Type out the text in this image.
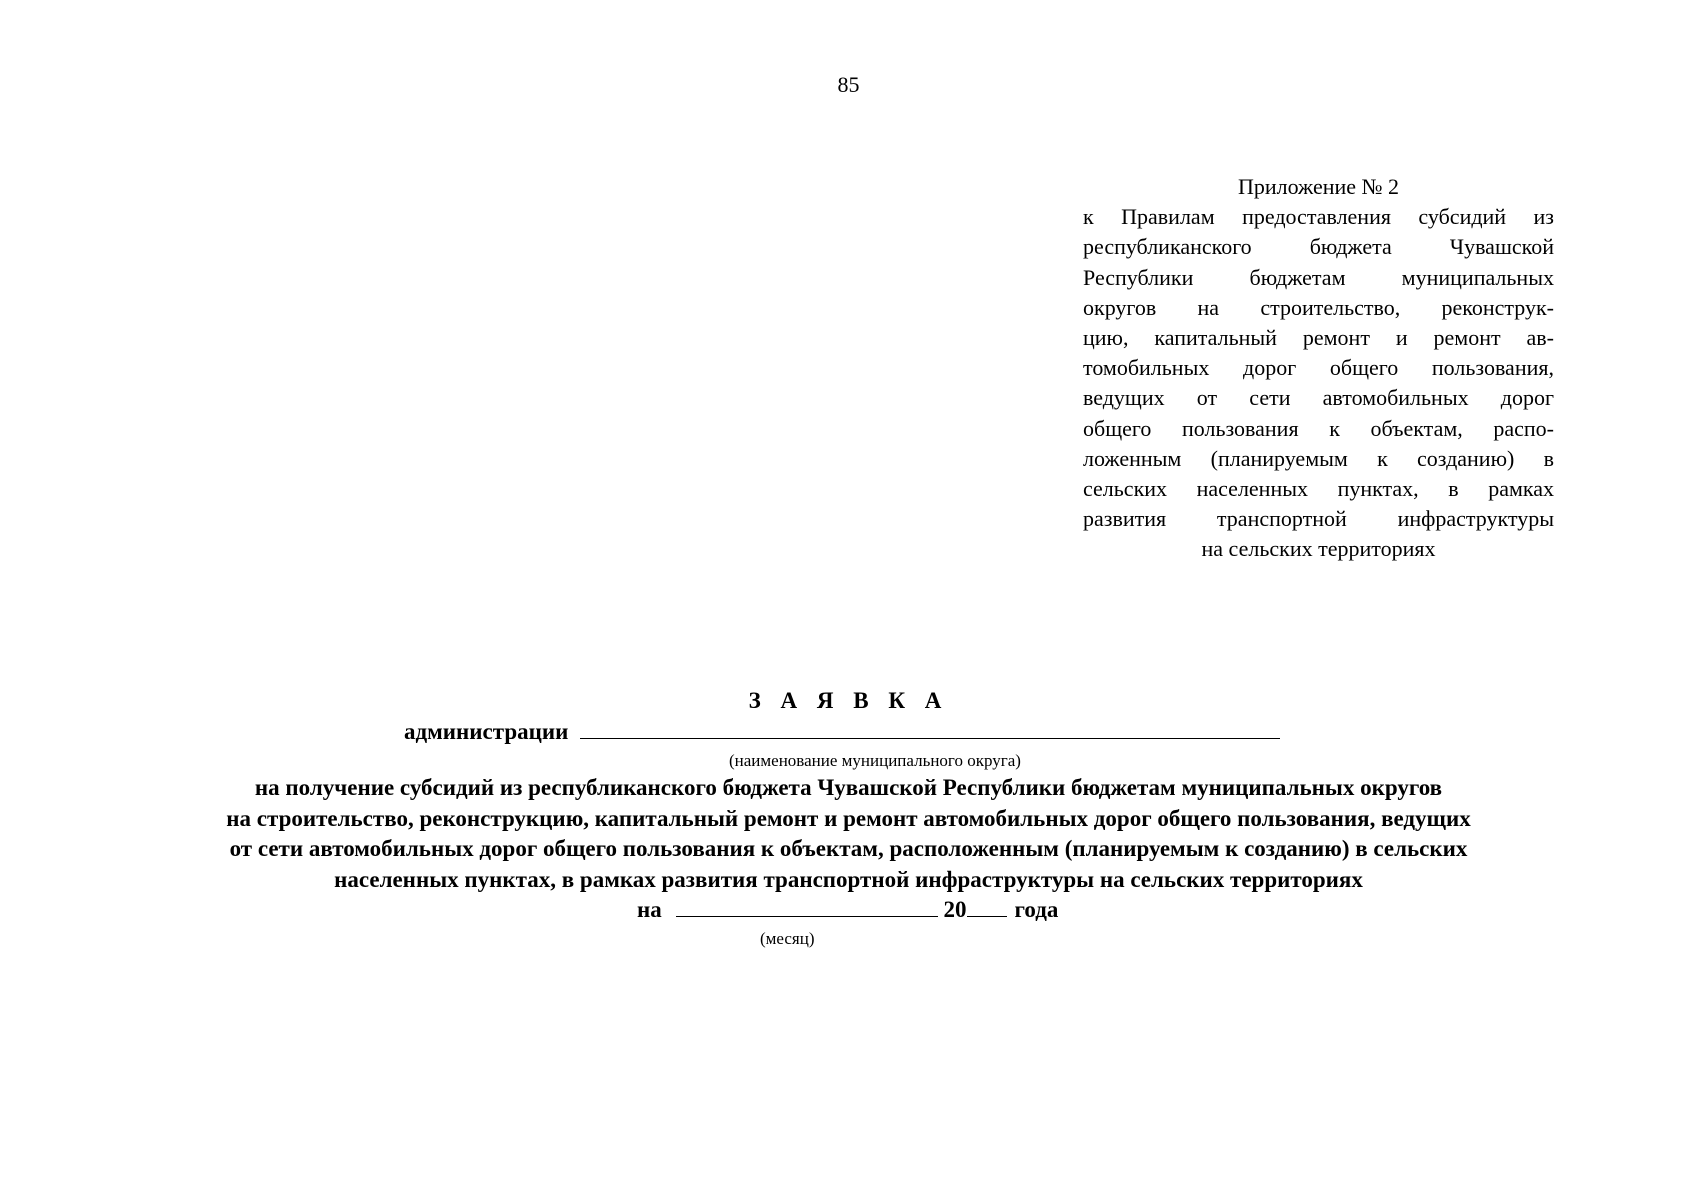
85
Приложение № 2
к Правилам предоставления субсидий из
республиканского бюджета Чувашской
Республики бюджетам муниципальных
округов на строительство, реконструк-
цию, капитальный ремонт и ремонт ав-
томобильных дорог общего пользования,
ведущих от сети автомобильных дорог
общего пользования к объектам, распо-
ложенным (планируемым к созданию) в
сельских населенных пунктах, в рамках
развития транспортной инфраструктуры
на сельских территориях
З А Я В К А
администрации
(наименование муниципального округа)
на получение субсидий из республиканского бюджета Чувашской Республики бюджетам муниципальных округов
на строительство, реконструкцию, капитальный ремонт и ремонт автомобильных дорог общего пользования, ведущих
от сети автомобильных дорог общего пользования к объектам, расположенным (планируемым к созданию) в сельских
населенных пунктах, в рамках развития транспортной инфраструктуры на сельских территориях
на	20 года
(месяц)
